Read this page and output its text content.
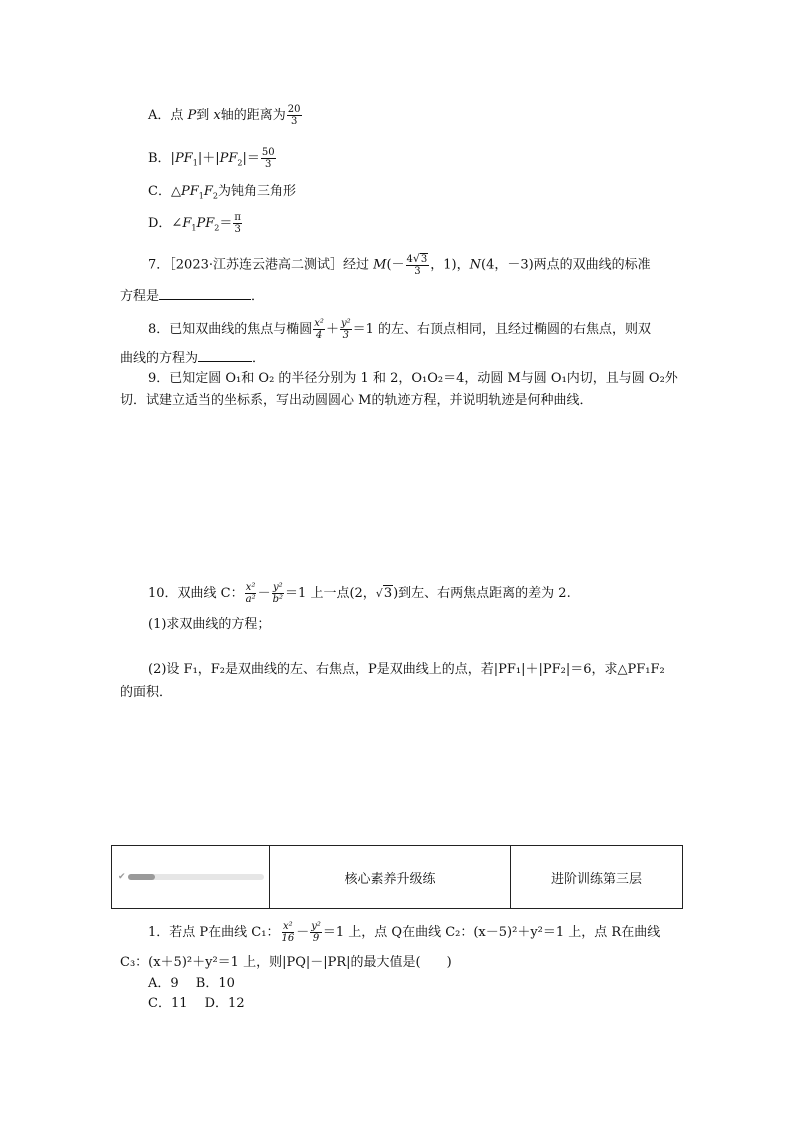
A．点 P到 x轴的距离为 $\frac{20}{3}$
B．$|PF_1|+|PF_2|= \frac{50}{3}$
C．$\triangle PF_1F_2$为钝角三角形
D．$\angle F_1PF_2= \frac{\pi}{3}$
7．［2023·江苏连云港高二测试］经过 $M(- \frac{4√3}{3}$ ，1)，N(4，－3)两点的双曲线的标准
方程是	．
8．已知双曲线的焦点与椭圆 $\frac{\text{x²}}{4} + \frac{\text{y²}}{3} =1$ 的左、右顶点相同，且经过椭圆的右焦点，则双
曲线的方程为	．
9．已知定圆 O₁和 O₂ 的半径分别为 1 和 2，O₁O₂＝4，动圆 M与圆 O₁内切，且与圆 O₂外
切．试建立适当的坐标系，写出动圆圆心 M的轨迹方程，并说明轨迹是何种曲线．
10．双曲线 C： $\frac{\text{x²}}{\text{a²}} - \frac{\text{y²}}{\text{b²}} =1$ 上一点(2，√3)到左、右两焦点距离的差为 2.
(1)求双曲线的方程；
(2)设 F₁，F₂是双曲线的左、右焦点，P是双曲线上的点，若|PF₁|＋|PF₂|＝6，求△PF₁F₂
的面积．
✔	核心素养升级练	进阶训练第三层
1．若点 P在曲线 C₁： $\frac{\text{x²}}{16} - \frac{\text{y²}}{9} =1$ 上，点 Q在曲线 C₂：(x－5)²＋y²＝1 上，点 R在曲线
C₃：(x＋5)²＋y²＝1 上，则|PQ|－|PR|的最大值是(　　)
A．9　 B．10
C．11　 D．12
